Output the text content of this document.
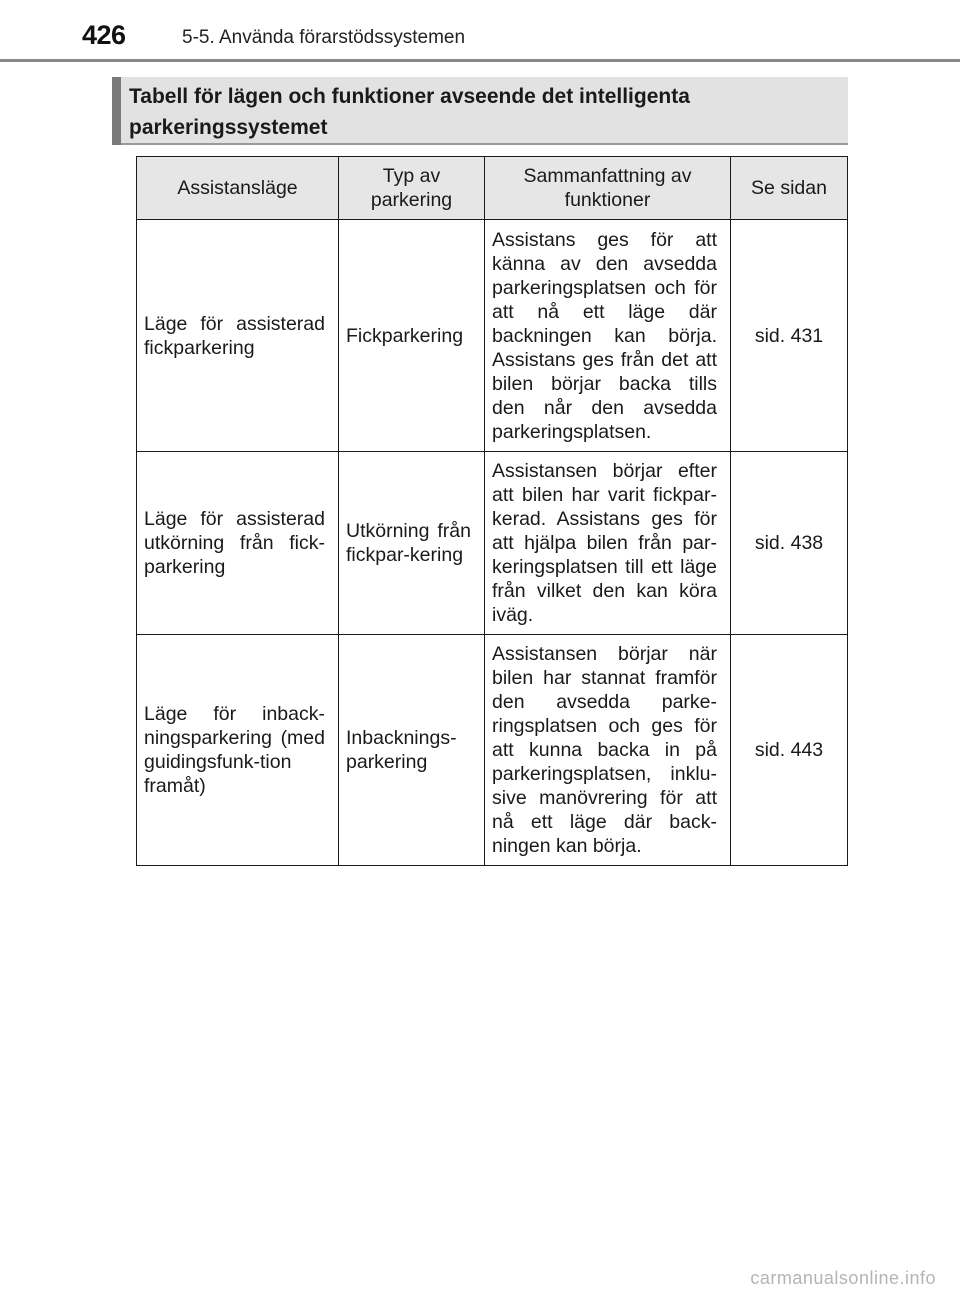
426	5-5. Använda förarstödssystemen
Tabell för lägen och funktioner avseende det intelligenta parkeringssystemet
Assistansläge	Typ av parkering	Sammanfattning av funktioner	Se sidan
Läge för assisterad fickparkering	Fickparkering	Assistans ges för att känna av den avsedda parkeringsplatsen och för att nå ett läge där backningen kan börja. Assistans ges från det att bilen börjar backa tills den når den avsedda parkeringsplatsen.	sid. 431
Läge för assisterad utkörning från fick-parkering	Utkörning från fickpar-kering	Assistansen börjar efter att bilen har varit fickpar-kerad. Assistans ges för att hjälpa bilen från par-keringsplatsen till ett läge från vilket den kan köra iväg.	sid. 438
Läge för inback-ningsparkering (med guidingsfunk-tion framåt)	Inbacknings-parkering	Assistansen börjar när bilen har stannat framför den avsedda parke-ringsplatsen och ges för att kunna backa in på parkeringsplatsen, inklu-sive manövrering för att nå ett läge där back-ningen kan börja.	sid. 443
carmanualsonline.info
